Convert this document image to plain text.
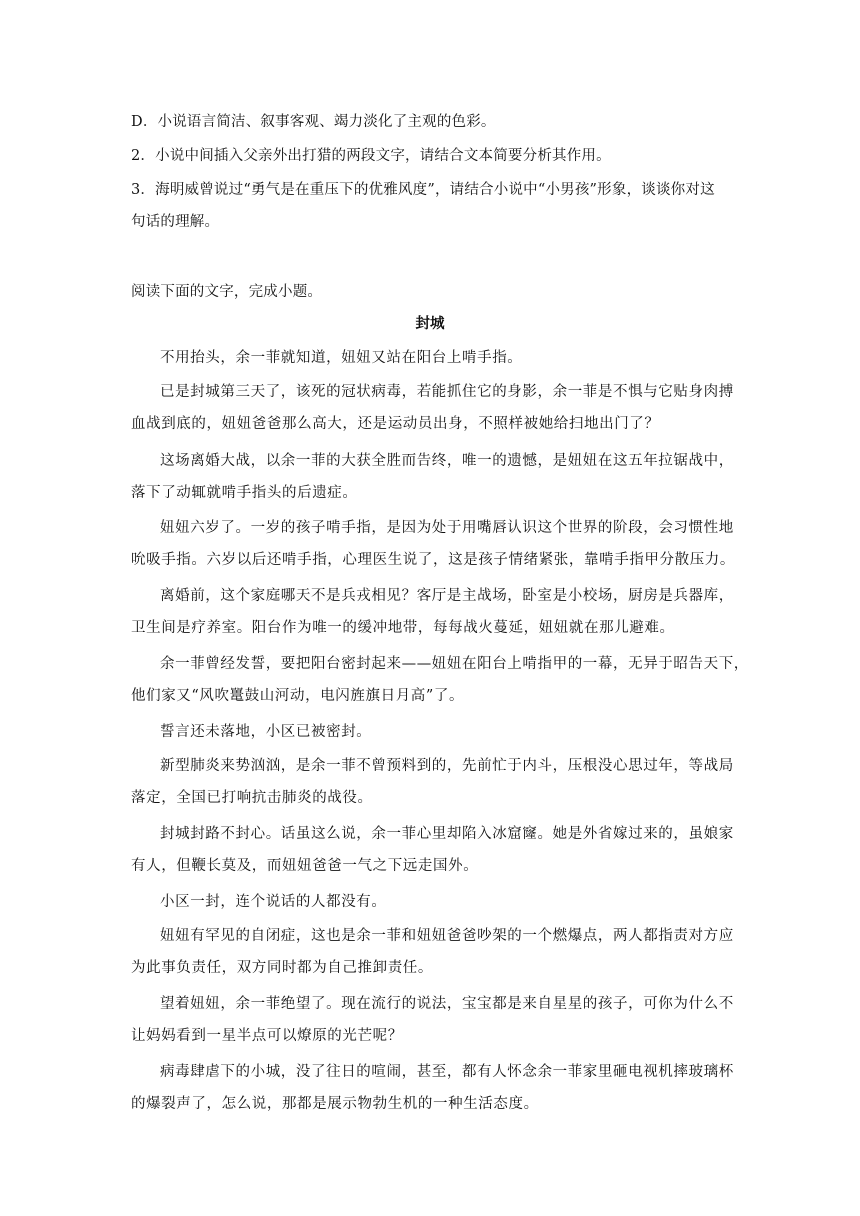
D．小说语言简洁、叙事客观、竭力淡化了主观的色彩。
2．小说中间插入父亲外出打猎的两段文字，请结合文本简要分析其作用。
3．海明威曾说过“勇气是在重压下的优雅风度”，请结合小说中“小男孩”形象，谈谈你对这
句话的理解。
阅读下面的文字，完成小题。
封城
不用抬头，余一菲就知道，妞妞又站在阳台上啃手指。
已是封城第三天了，该死的冠状病毒，若能抓住它的身影，余一菲是不惧与它贴身肉搏
血战到底的，妞妞爸爸那么高大，还是运动员出身，不照样被她给扫地出门了？
这场离婚大战，以余一菲的大获全胜而告终，唯一的遗憾，是妞妞在这五年拉锯战中，
落下了动辄就啃手指头的后遗症。
妞妞六岁了。一岁的孩子啃手指，是因为处于用嘴唇认识这个世界的阶段，会习惯性地
吮吸手指。六岁以后还啃手指，心理医生说了，这是孩子情绪紧张，靠啃手指甲分散压力。
离婚前，这个家庭哪天不是兵戎相见？客厅是主战场，卧室是小校场，厨房是兵器库，
卫生间是疗养室。阳台作为唯一的缓冲地带，每每战火蔓延，妞妞就在那儿避难。
余一菲曾经发誓，要把阳台密封起来——妞妞在阳台上啃指甲的一幕，无异于昭告天下，
他们家又“风吹鼍鼓山河动，电闪旌旗日月高”了。
誓言还未落地，小区已被密封。
新型肺炎来势汹汹，是余一菲不曾预料到的，先前忙于内斗，压根没心思过年，等战局
落定，全国已打响抗击肺炎的战役。
封城封路不封心。话虽这么说，余一菲心里却陷入冰窟窿。她是外省嫁过来的，虽娘家
有人，但鞭长莫及，而妞妞爸爸一气之下远走国外。
小区一封，连个说话的人都没有。
妞妞有罕见的自闭症，这也是余一菲和妞妞爸爸吵架的一个燃爆点，两人都指责对方应
为此事负责任，双方同时都为自己推卸责任。
望着妞妞，余一菲绝望了。现在流行的说法，宝宝都是来自星星的孩子，可你为什么不
让妈妈看到一星半点可以燎原的光芒呢？
病毒肆虐下的小城，没了往日的喧闹，甚至，都有人怀念余一菲家里砸电视机摔玻璃杯
的爆裂声了，怎么说，那都是展示物勃生机的一种生活态度。
